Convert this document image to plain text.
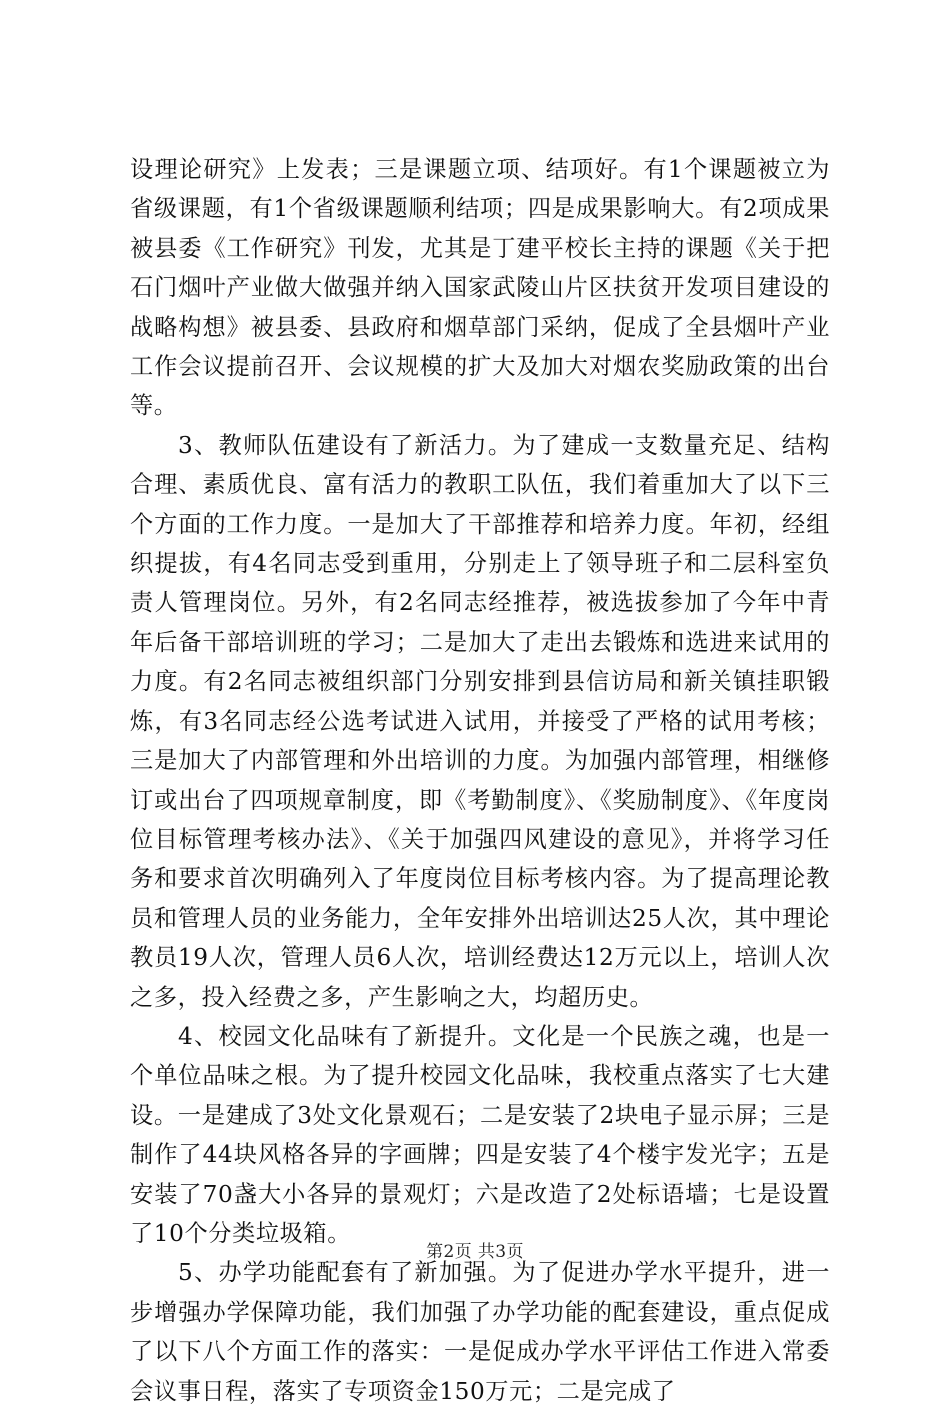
设理论研究》上发表；三是课题立项、结项好。有1个课题被立为省级课题，有1个省级课题顺利结项；四是成果影响大。有2项成果被县委《工作研究》刊发，尤其是丁建平校长主持的课题《关于把石门烟叶产业做大做强并纳入国家武陵山片区扶贫开发项目建设的战略构想》被县委、县政府和烟草部门采纳，促成了全县烟叶产业工作会议提前召开、会议规模的扩大及加大对烟农奖励政策的出台等。

3、教师队伍建设有了新活力。为了建成一支数量充足、结构合理、素质优良、富有活力的教职工队伍，我们着重加大了以下三个方面的工作力度。一是加大了干部推荐和培养力度。年初，经组织提拔，有4名同志受到重用，分别走上了领导班子和二层科室负责人管理岗位。另外，有2名同志经推荐，被选拔参加了今年中青年后备干部培训班的学习；二是加大了走出去锻炼和选进来试用的力度。有2名同志被组织部门分别安排到县信访局和新关镇挂职锻炼，有3名同志经公选考试进入试用，并接受了严格的试用考核；三是加大了内部管理和外出培训的力度。为加强内部管理，相继修订或出台了四项规章制度，即《考勤制度》、《奖励制度》、《年度岗位目标管理考核办法》、《关于加强四风建设的意见》，并将学习任务和要求首次明确列入了年度岗位目标考核内容。为了提高理论教员和管理人员的业务能力，全年安排外出培训达25人次，其中理论教员19人次，管理人员6人次，培训经费达12万元以上，培训人次之多，投入经费之多，产生影响之大，均超历史。

4、校园文化品味有了新提升。文化是一个民族之魂，也是一个单位品味之根。为了提升校园文化品味，我校重点落实了七大建设。一是建成了3处文化景观石；二是安装了2块电子显示屏；三是制作了44块风格各异的字画牌；四是安装了4个楼宇发光字；五是安装了70盏大小各异的景观灯；六是改造了2处标语墙；七是设置了10个分类垃圾箱。

5、办学功能配套有了新加强。为了促进办学水平提升，进一步增强办学保障功能，我们加强了办学功能的配套建设，重点促成了以下八个方面工作的落实：一是促成办学水平评估工作进入常委会议事日程，落实了专项资金150万元；二是完成了

第2页 共3页
